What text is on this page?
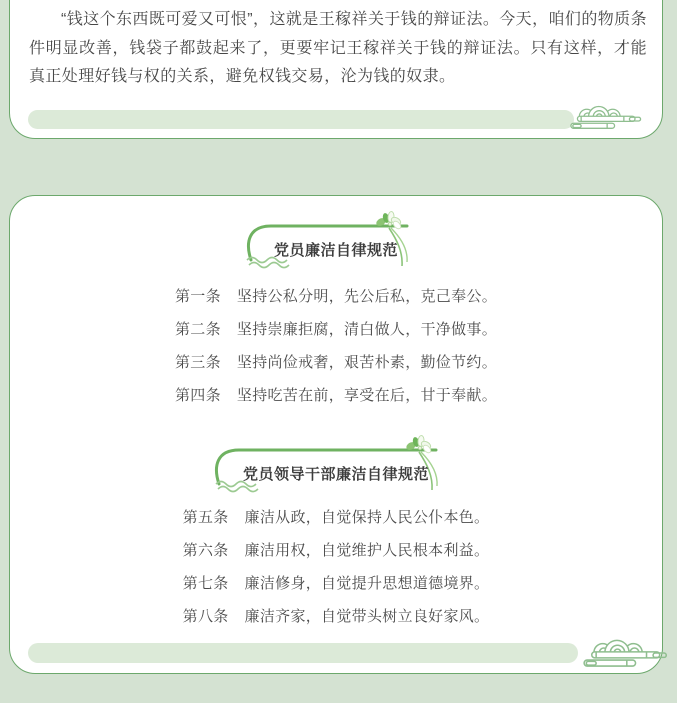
“钱这个东西既可爱又可恨”，这就是王稼祥关于钱的辩证法。今天，咱们的物质条件明显改善，钱袋子都鼓起来了，更要牢记王稼祥关于钱的辩证法。只有这样，才能真正处理好钱与权的关系，避免权钱交易，沦为钱的奴隶。

党员廉洁自律规范
第一条 坚持公私分明，先公后私，克己奉公。
第二条 坚持崇廉拒腐，清白做人，干净做事。
第三条 坚持尚俭戒奢，艰苦朴素，勤俭节约。
第四条 坚持吃苦在前，享受在后，甘于奉献。
党员领导干部廉洁自律规范
第五条 廉洁从政，自觉保持人民公仆本色。
第六条 廉洁用权，自觉维护人民根本利益。
第七条 廉洁修身，自觉提升思想道德境界。
第八条 廉洁齐家，自觉带头树立良好家风。
